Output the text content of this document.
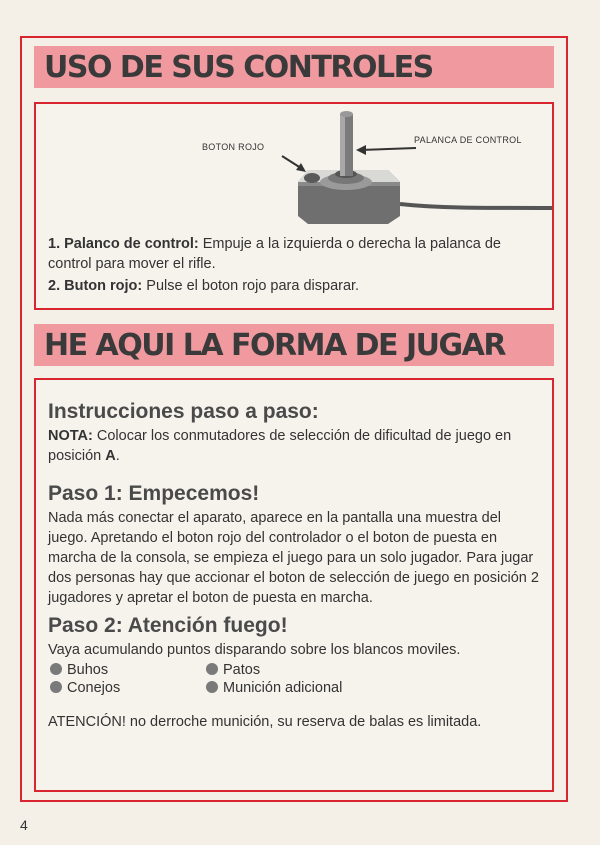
USO DE SUS CONTROLES
BOTON ROJO
PALANCA DE CONTROL

1. Palanco de control: Empuje a la izquierda o derecha la palanca de control para mover el rifle.

2. Buton rojo: Pulse el boton rojo para disparar.

HE AQUI LA FORMA DE JUGAR
Instrucciones paso a paso:

NOTA: Colocar los conmutadores de selección de dificultad de juego en posición A.

Paso 1: Empecemos!

Nada más conectar el aparato, aparece en la pantalla una muestra del juego. Apretando el boton rojo del controlador o el boton de puesta en marcha de la consola, se empieza el juego para un solo jugador. Para jugar dos personas hay que accionar el boton de selección de juego en posición 2 jugadores y apretar el boton de puesta en marcha.

Paso 2: Atención fuego!

Vaya acumulando puntos disparando sobre los blancos moviles.

Buhos	Patos
Conejos	Munición adicional

ATENCIÓN! no derroche munición, su reserva de balas es limitada.

4
